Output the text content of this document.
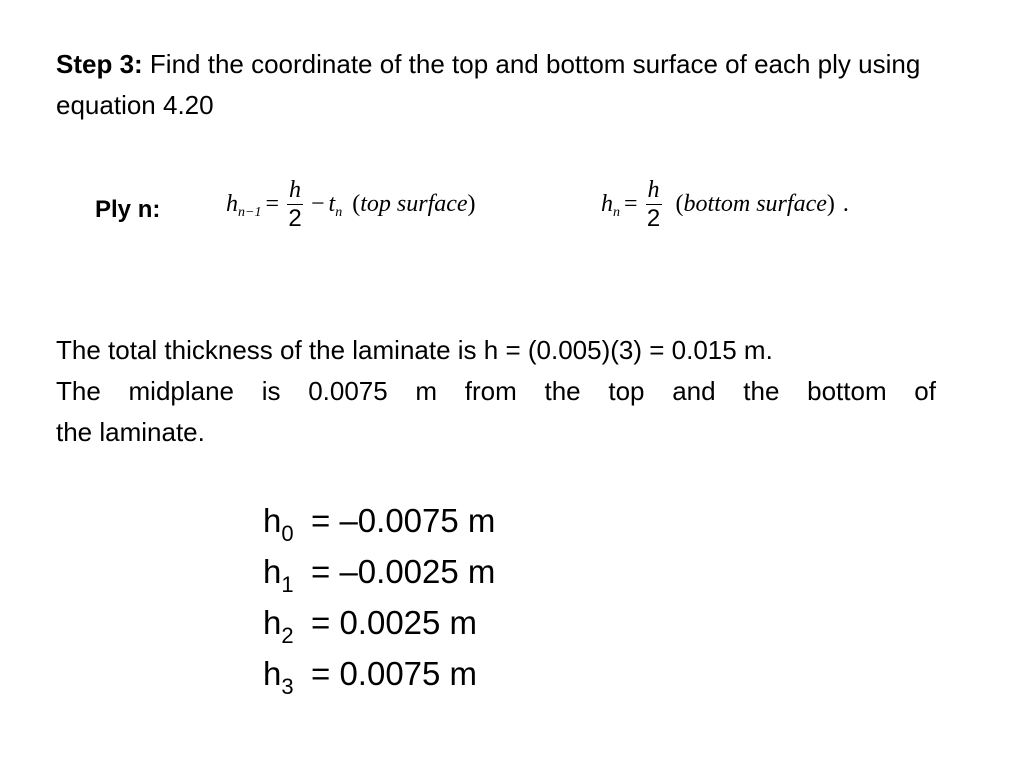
Step 3: Find the coordinate of the top and bottom surface of each ply using equation 4.20
Ply n:	h $n-1 = \frac{h}{2} - t$ n (top surface)	h $n = \frac{h}{2}$ (bottom surface) .

The total thickness of the laminate is h = (0.005)(3) = 0.015 m.

The midplane is 0.0075 m from the top and the bottom of

the laminate.

$h_0 = -0.0075$ m
$h_1 = -0.0025$ m
$h_2 = 0.0025$ m
$h_3 = 0.0075$ m
